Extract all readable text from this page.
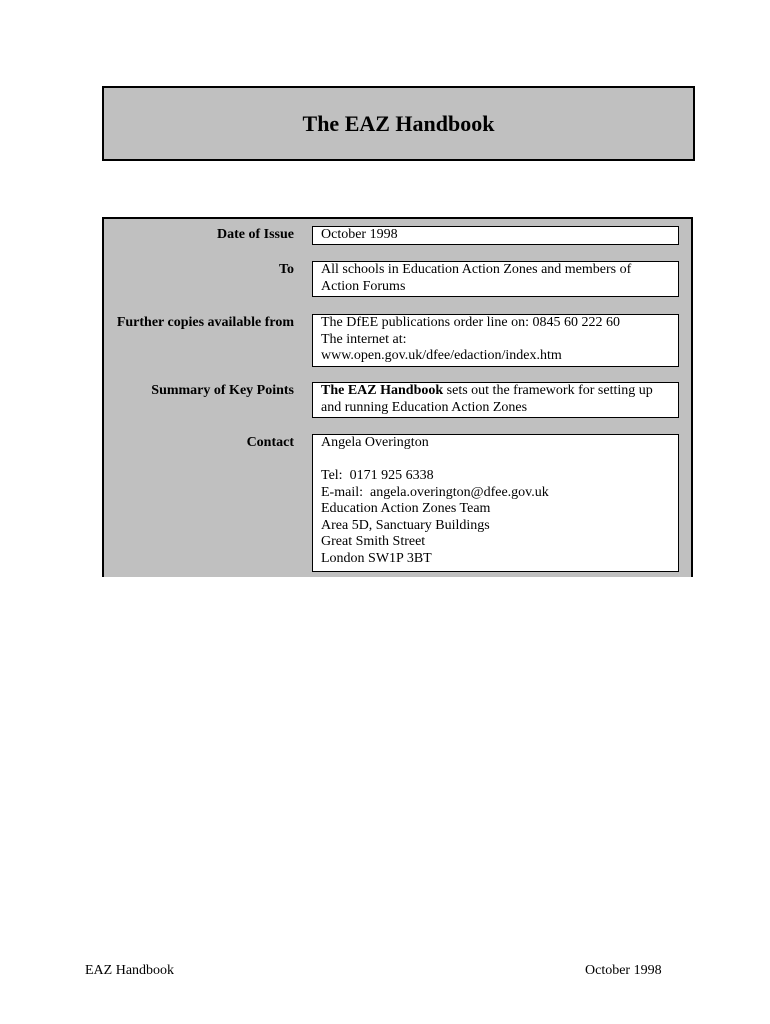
The EAZ Handbook
Date of Issue October 1998
To All schools in Education Action Zones and members of Action Forums
Further copies available from The DfEE publications order line on: 0845 60 222 60
The internet at:
www.open.gov.uk/dfee/edaction/index.htm
Summary of Key Points The EAZ Handbook sets out the framework for setting up and running Education Action Zones
Contact Angela Overington
Tel:  0171 925 6338
E-mail:  angela.overington@dfee.gov.uk
Education Action Zones Team
Area 5D, Sanctuary Buildings
Great Smith Street
London SW1P 3BT
EAZ Handbook	October 1998
